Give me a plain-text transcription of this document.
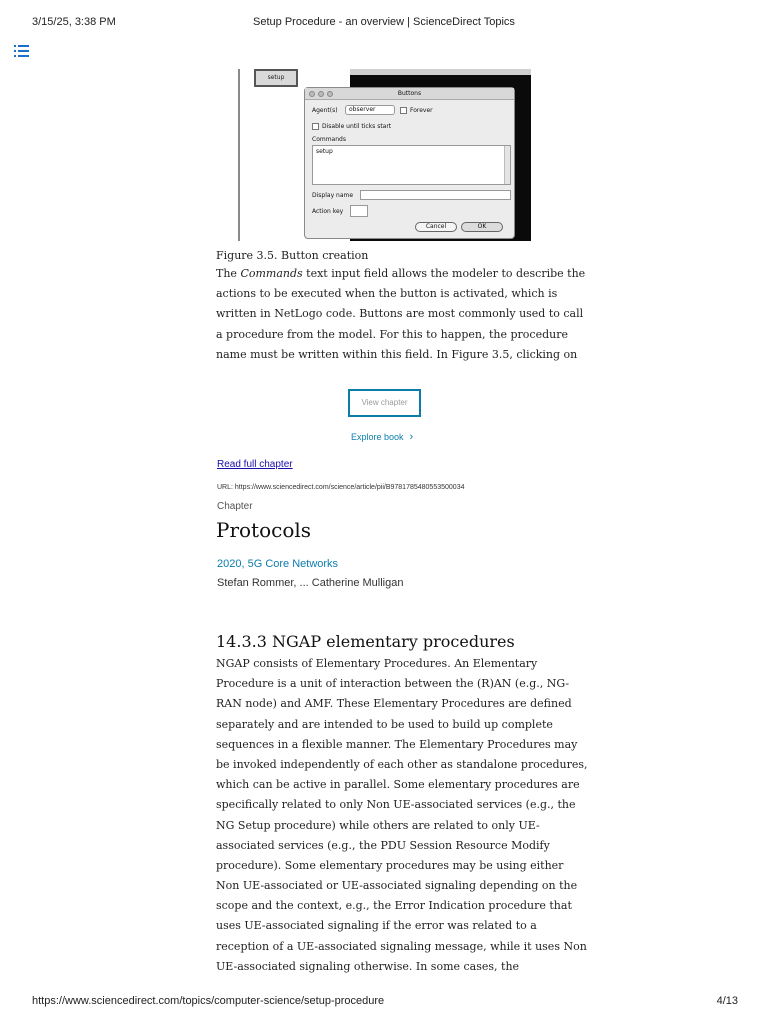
3/15/25, 3:38 PM	Setup Procedure - an overview | ScienceDirect Topics
setup
Buttons
Agent(s)	observer	Forever
Disable until ticks start
Commands
setup
Display name
Action key
Cancel	OK
Figure 3.5. Button creation
The Commands text input field allows the modeler to describe the
actions to be executed when the button is activated, which is
written in NetLogo code. Buttons are most commonly used to call
a procedure from the model. For this to happen, the procedure
name must be written within this field. In Figure 3.5, clicking on
View chapter
Explore book ›
Read full chapter
URL: https://www.sciencedirect.com/science/article/pii/B9781785480553500034
Chapter
Protocols
2020, 5G Core Networks
Stefan Rommer, ... Catherine Mulligan
14.3.3 NGAP elementary procedures
NGAP consists of Elementary Procedures. An Elementary
Procedure is a unit of interaction between the (R)AN (e.g., NG-
RAN node) and AMF. These Elementary Procedures are defined
separately and are intended to be used to build up complete
sequences in a flexible manner. The Elementary Procedures may
be invoked independently of each other as standalone procedures,
which can be active in parallel. Some elementary procedures are
specifically related to only Non UE-associated services (e.g., the
NG Setup procedure) while others are related to only UE-
associated services (e.g., the PDU Session Resource Modify
procedure). Some elementary procedures may be using either
Non UE-associated or UE-associated signaling depending on the
scope and the context, e.g., the Error Indication procedure that
uses UE-associated signaling if the error was related to a
reception of a UE-associated signaling message, while it uses Non
UE-associated signaling otherwise. In some cases, the
https://www.sciencedirect.com/topics/computer-science/setup-procedure	4/13
